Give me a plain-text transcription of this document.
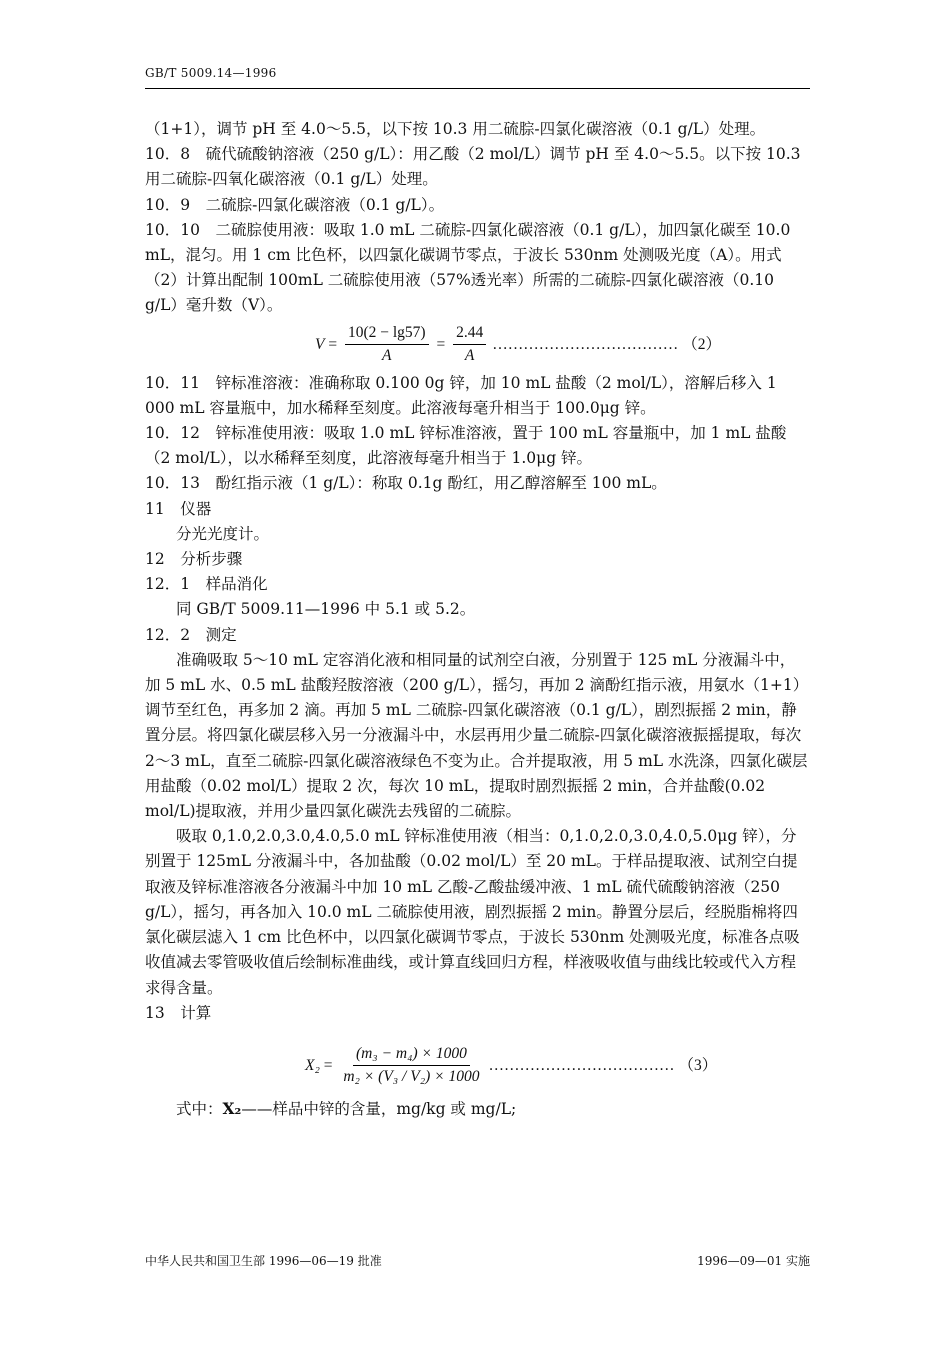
GB/T 5009.14—1996

（1+1），调节 pH 至 4.0～5.5，以下按 10.3 用二硫腙-四氯化碳溶液（0.1 g/L）处理。

10．8　硫代硫酸钠溶液（250 g/L）：用乙酸（2 mol/L）调节 pH 至 4.0～5.5。以下按 10.3 用二硫腙-四氧化碳溶液（0.1 g/L）处理。

10．9　二硫腙-四氯化碳溶液（0.1 g/L）。

10．10　二硫腙使用液：吸取 1.0 mL 二硫腙-四氯化碳溶液（0.1 g/L），加四氯化碳至 10.0 mL，混匀。用 1 cm 比色杯，以四氯化碳调节零点，于波长 530nm 处测吸光度（A）。用式（2）计算出配制 100mL 二硫腙使用液（57%透光率）所需的二硫腙-四氯化碳溶液（0.10 g/L）毫升数（V）。

$V = \frac{10(2 - \lg 57)}{A} = \frac{2.44}{A}$ ……………………………… （2）

10．11　锌标准溶液：准确称取 0.100 0g 锌，加 10 mL 盐酸（2 mol/L），溶解后移入 1 000 mL 容量瓶中，加水稀释至刻度。此溶液每毫升相当于 100.0μg 锌。

10．12　锌标准使用液：吸取 1.0 mL 锌标准溶液，置于 100 mL 容量瓶中，加 1 mL 盐酸（2 mol/L），以水稀释至刻度，此溶液每毫升相当于 1.0μg 锌。

10．13　酚红指示液（1 g/L）：称取 0.1g 酚红，用乙醇溶解至 100 mL。

11　仪器

分光光度计。

12　分析步骤

12．1　样品消化

同 GB/T 5009.11—1996 中 5.1 或 5.2。

12．2　测定

准确吸取 5～10 mL 定容消化液和相同量的试剂空白液，分别置于 125 mL 分液漏斗中，加 5 mL 水、0.5 mL 盐酸羟胺溶液（200 g/L），摇匀，再加 2 滴酚红指示液，用氨水（1+1）调节至红色，再多加 2 滴。再加 5 mL 二硫腙-四氯化碳溶液（0.1 g/L），剧烈振摇 2 min，静置分层。将四氯化碳层移入另一分液漏斗中，水层再用少量二硫腙-四氯化碳溶液振摇提取，每次 2～3 mL，直至二硫腙-四氯化碳溶液绿色不变为止。合并提取液，用 5 mL 水洗涤，四氯化碳层用盐酸（0.02 mol/L）提取 2 次，每次 10 mL，提取时剧烈振摇 2 min，合并盐酸(0.02 mol/L)提取液，并用少量四氯化碳洗去残留的二硫腙。

吸取 0,1.0,2.0,3.0,4.0,5.0 mL 锌标准使用液（相当：0,1.0,2.0,3.0,4.0,5.0μg 锌），分别置于 125mL 分液漏斗中，各加盐酸（0.02 mol/L）至 20 mL。于样品提取液、试剂空白提取液及锌标准溶液各分液漏斗中加 10 mL 乙酸-乙酸盐缓冲液、1 mL 硫代硫酸钠溶液（250 g/L），摇匀，再各加入 10.0 mL 二硫腙使用液，剧烈振摇 2 min。静置分层后，经脱脂棉将四氯化碳层滤入 1 cm 比色杯中，以四氯化碳调节零点，于波长 530nm 处测吸光度，标准各点吸收值减去零管吸收值后绘制标准曲线，或计算直线回归方程，样液吸收值与曲线比较或代入方程求得含量。

13　计算

$X_2 = \frac{\text{(m₃ − m₄) × 1000}}{\text{m₂ × (V₃ / V₂) × 1000}}$ ……………………………… （3）

式中：X₂——样品中锌的含量，mg/kg 或 mg/L;

中华人民共和国卫生部 1996—06—19 批准	1996—09—01 实施
